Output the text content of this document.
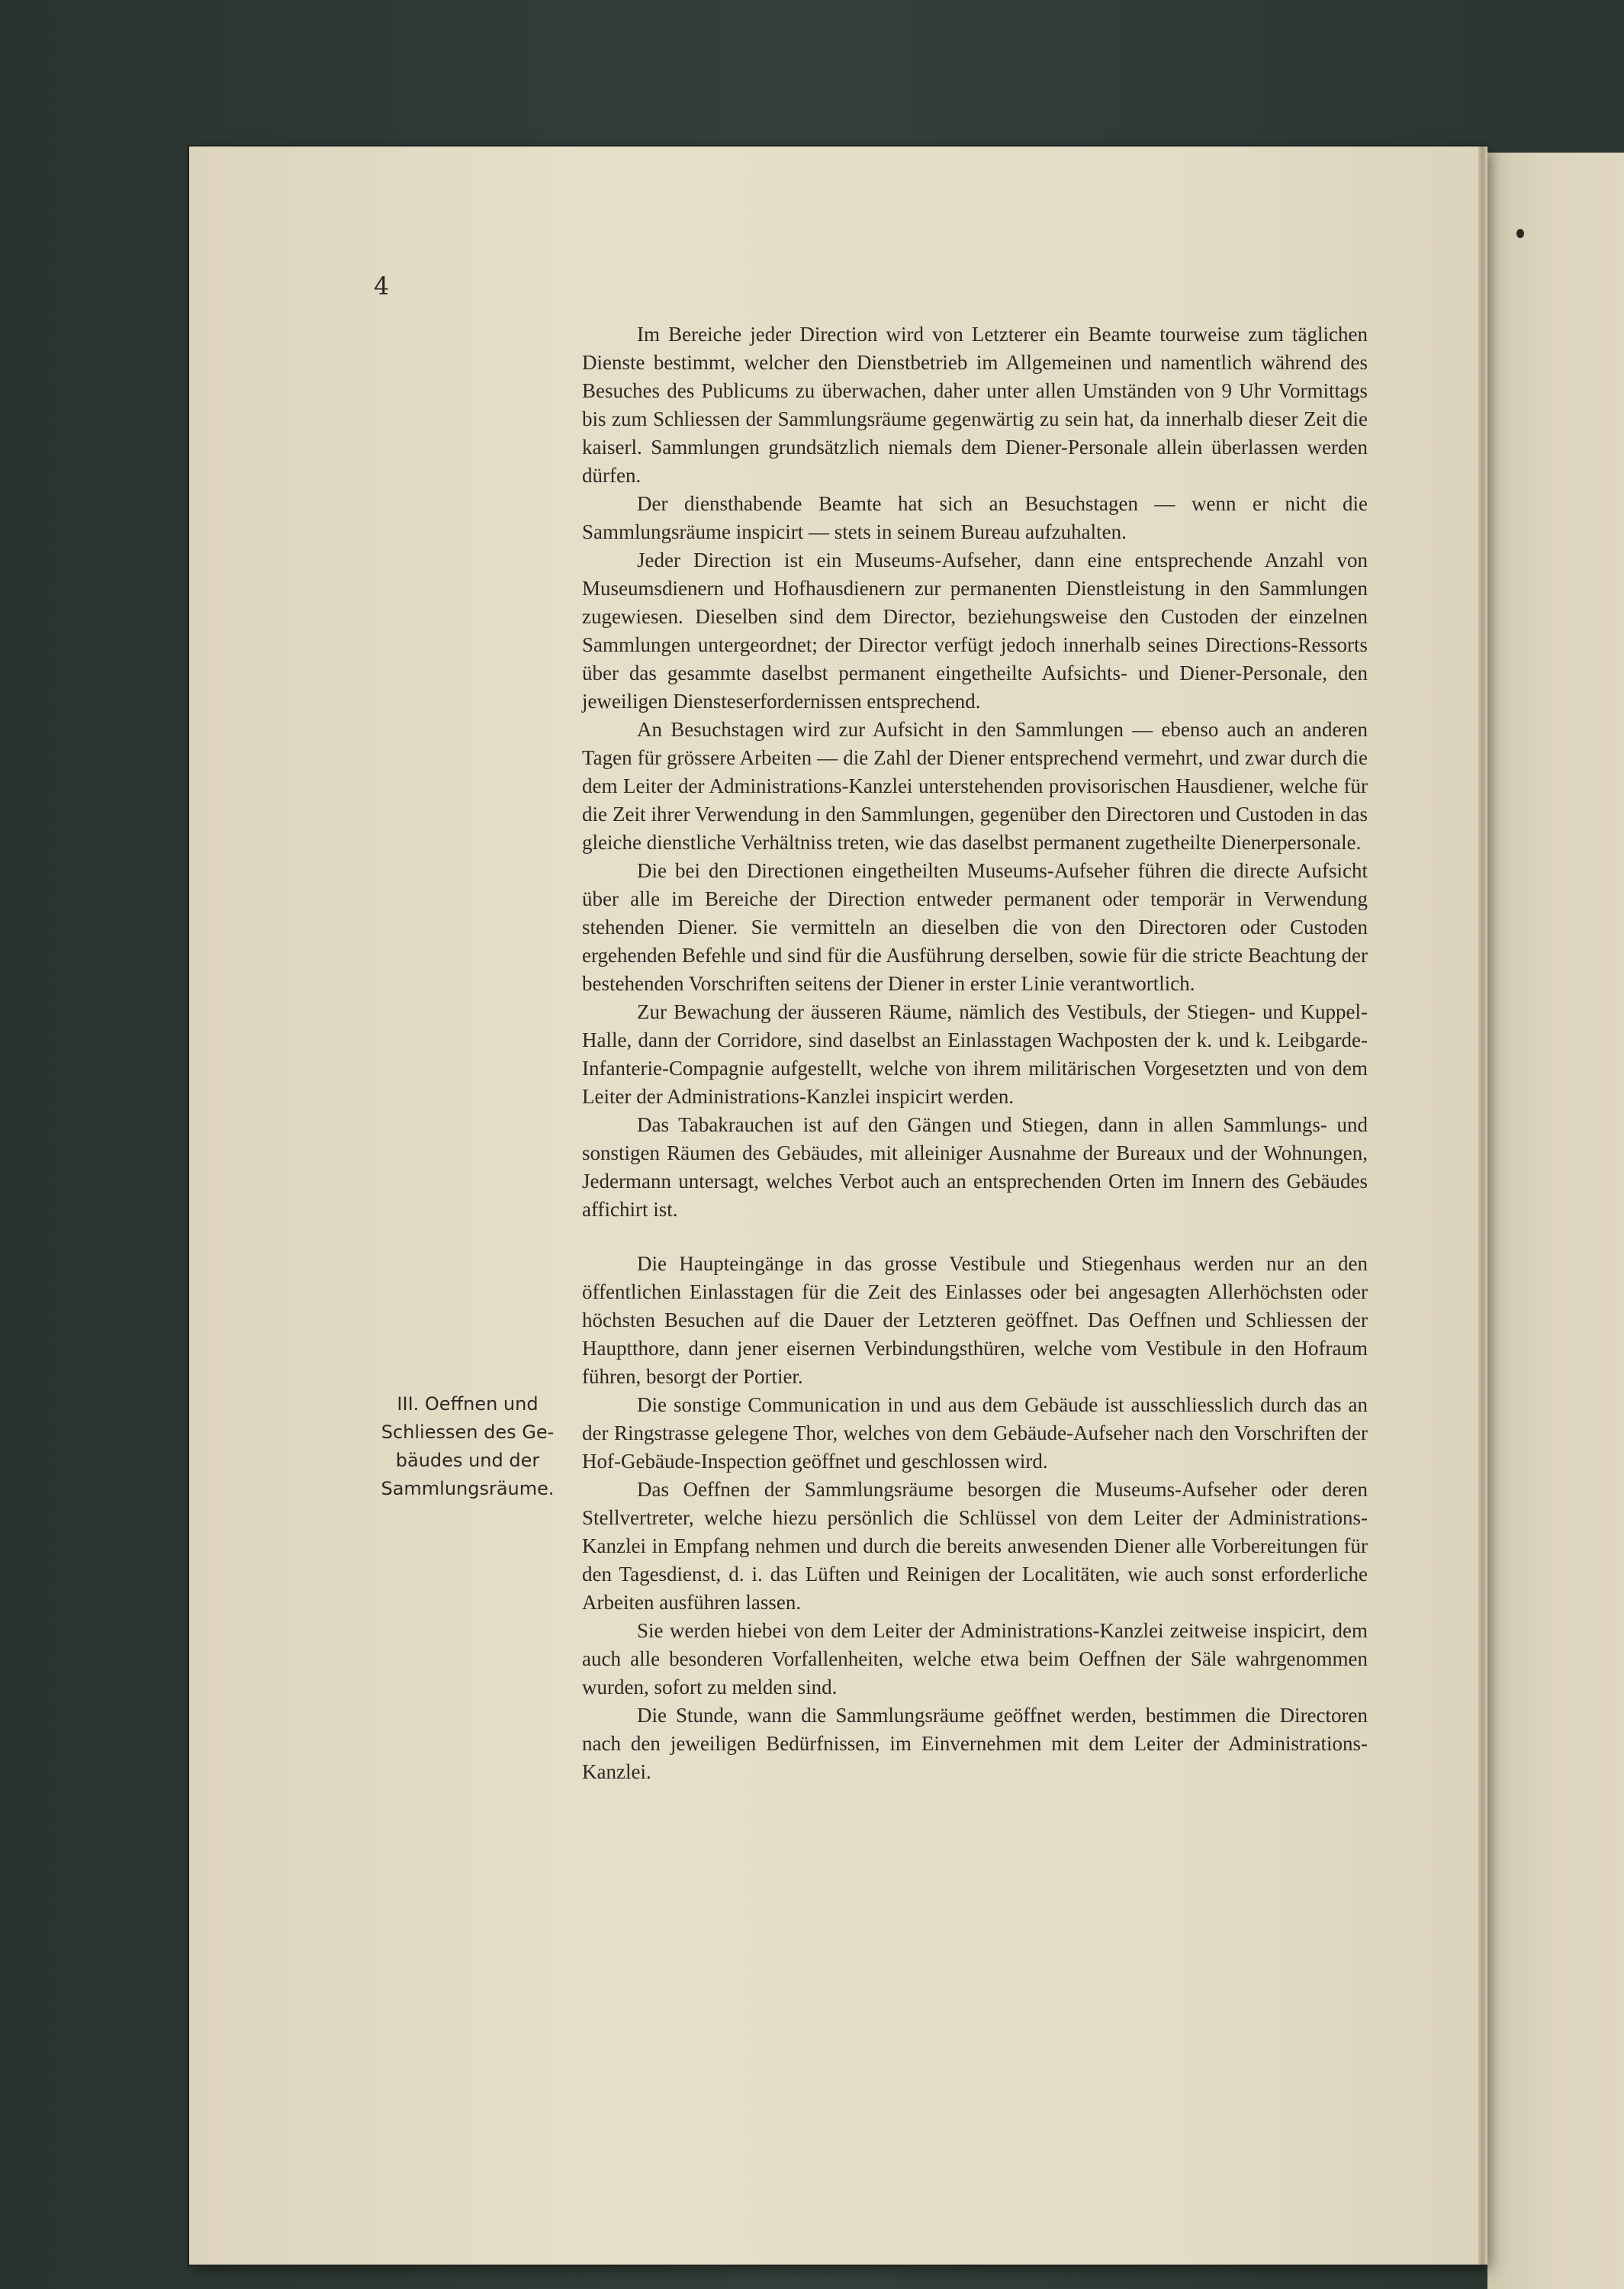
4

Im Bereiche jeder Direction wird von Letzterer ein Beamte tourweise zum täglichen Dienste bestimmt, welcher den Dienstbetrieb im Allgemeinen und namentlich während des Besuches des Publicums zu überwachen, daher unter allen Umständen von 9 Uhr Vormittags bis zum Schliessen der Sammlungsräume gegenwärtig zu sein hat, da innerhalb dieser Zeit die kaiserl. Sammlungen grundsätzlich niemals dem Diener-Personale allein überlassen werden dürfen.

Der diensthabende Beamte hat sich an Besuchstagen — wenn er nicht die Sammlungsräume inspicirt — stets in seinem Bureau aufzuhalten.

Jeder Direction ist ein Museums-Aufseher, dann eine entsprechende Anzahl von Museumsdienern und Hofhausdienern zur permanenten Dienstleistung in den Sammlungen zugewiesen. Dieselben sind dem Director, beziehungsweise den Custoden der einzelnen Sammlungen untergeordnet; der Director verfügt jedoch innerhalb seines Directions-Ressorts über das gesammte daselbst permanent eingetheilte Aufsichts- und Diener-Personale, den jeweiligen Diensteserfordernissen entsprechend.

An Besuchstagen wird zur Aufsicht in den Sammlungen — ebenso auch an anderen Tagen für grössere Arbeiten — die Zahl der Diener entsprechend vermehrt, und zwar durch die dem Leiter der Administrations-Kanzlei unterstehenden provisorischen Hausdiener, welche für die Zeit ihrer Verwendung in den Sammlungen, gegenüber den Directoren und Custoden in das gleiche dienstliche Verhältniss treten, wie das daselbst permanent zugetheilte Dienerpersonale.

Die bei den Directionen eingetheilten Museums-Aufseher führen die directe Aufsicht über alle im Bereiche der Direction entweder permanent oder temporär in Verwendung stehenden Diener. Sie vermitteln an dieselben die von den Directoren oder Custoden ergehenden Befehle und sind für die Ausführung derselben, sowie für die stricte Beachtung der bestehenden Vorschriften seitens der Diener in erster Linie verantwortlich.

Zur Bewachung der äusseren Räume, nämlich des Vestibuls, der Stiegen- und Kuppel-Halle, dann der Corridore, sind daselbst an Einlasstagen Wachposten der k. und k. Leibgarde-Infanterie-Compagnie aufgestellt, welche von ihrem militärischen Vorgesetzten und von dem Leiter der Administrations-Kanzlei inspicirt werden.

Das Tabakrauchen ist auf den Gängen und Stiegen, dann in allen Sammlungs- und sonstigen Räumen des Gebäudes, mit alleiniger Ausnahme der Bureaux und der Wohnungen, Jedermann untersagt, welches Verbot auch an entsprechenden Orten im Innern des Gebäudes affichirt ist.

Die Haupteingänge in das grosse Vestibule und Stiegenhaus werden nur an den öffentlichen Einlasstagen für die Zeit des Einlasses oder bei angesagten Allerhöchsten oder höchsten Besuchen auf die Dauer der Letzteren geöffnet. Das Oeffnen und Schliessen der Hauptthore, dann jener eisernen Verbindungsthüren, welche vom Vestibule in den Hofraum führen, besorgt der Portier.

Die sonstige Communication in und aus dem Gebäude ist ausschliesslich durch das an der Ringstrasse gelegene Thor, welches von dem Gebäude-Aufseher nach den Vorschriften der Hof-Gebäude-Inspection geöffnet und geschlossen wird.

Das Oeffnen der Sammlungsräume besorgen die Museums-Aufseher oder deren Stellvertreter, welche hiezu persönlich die Schlüssel von dem Leiter der Administrations-Kanzlei in Empfang nehmen und durch die bereits anwesenden Diener alle Vorbereitungen für den Tagesdienst, d. i. das Lüften und Reinigen der Localitäten, wie auch sonst erforderliche Arbeiten ausführen lassen.

Sie werden hiebei von dem Leiter der Administrations-Kanzlei zeitweise inspicirt, dem auch alle besonderen Vorfallenheiten, welche etwa beim Oeffnen der Säle wahrgenommen wurden, sofort zu melden sind.

Die Stunde, wann die Sammlungsräume geöffnet werden, bestimmen die Directoren nach den jeweiligen Bedürfnissen, im Einvernehmen mit dem Leiter der Administrations-Kanzlei.

III. Oeffnen und
Schliessen des Ge-
bäudes und der
Sammlungsräume.
